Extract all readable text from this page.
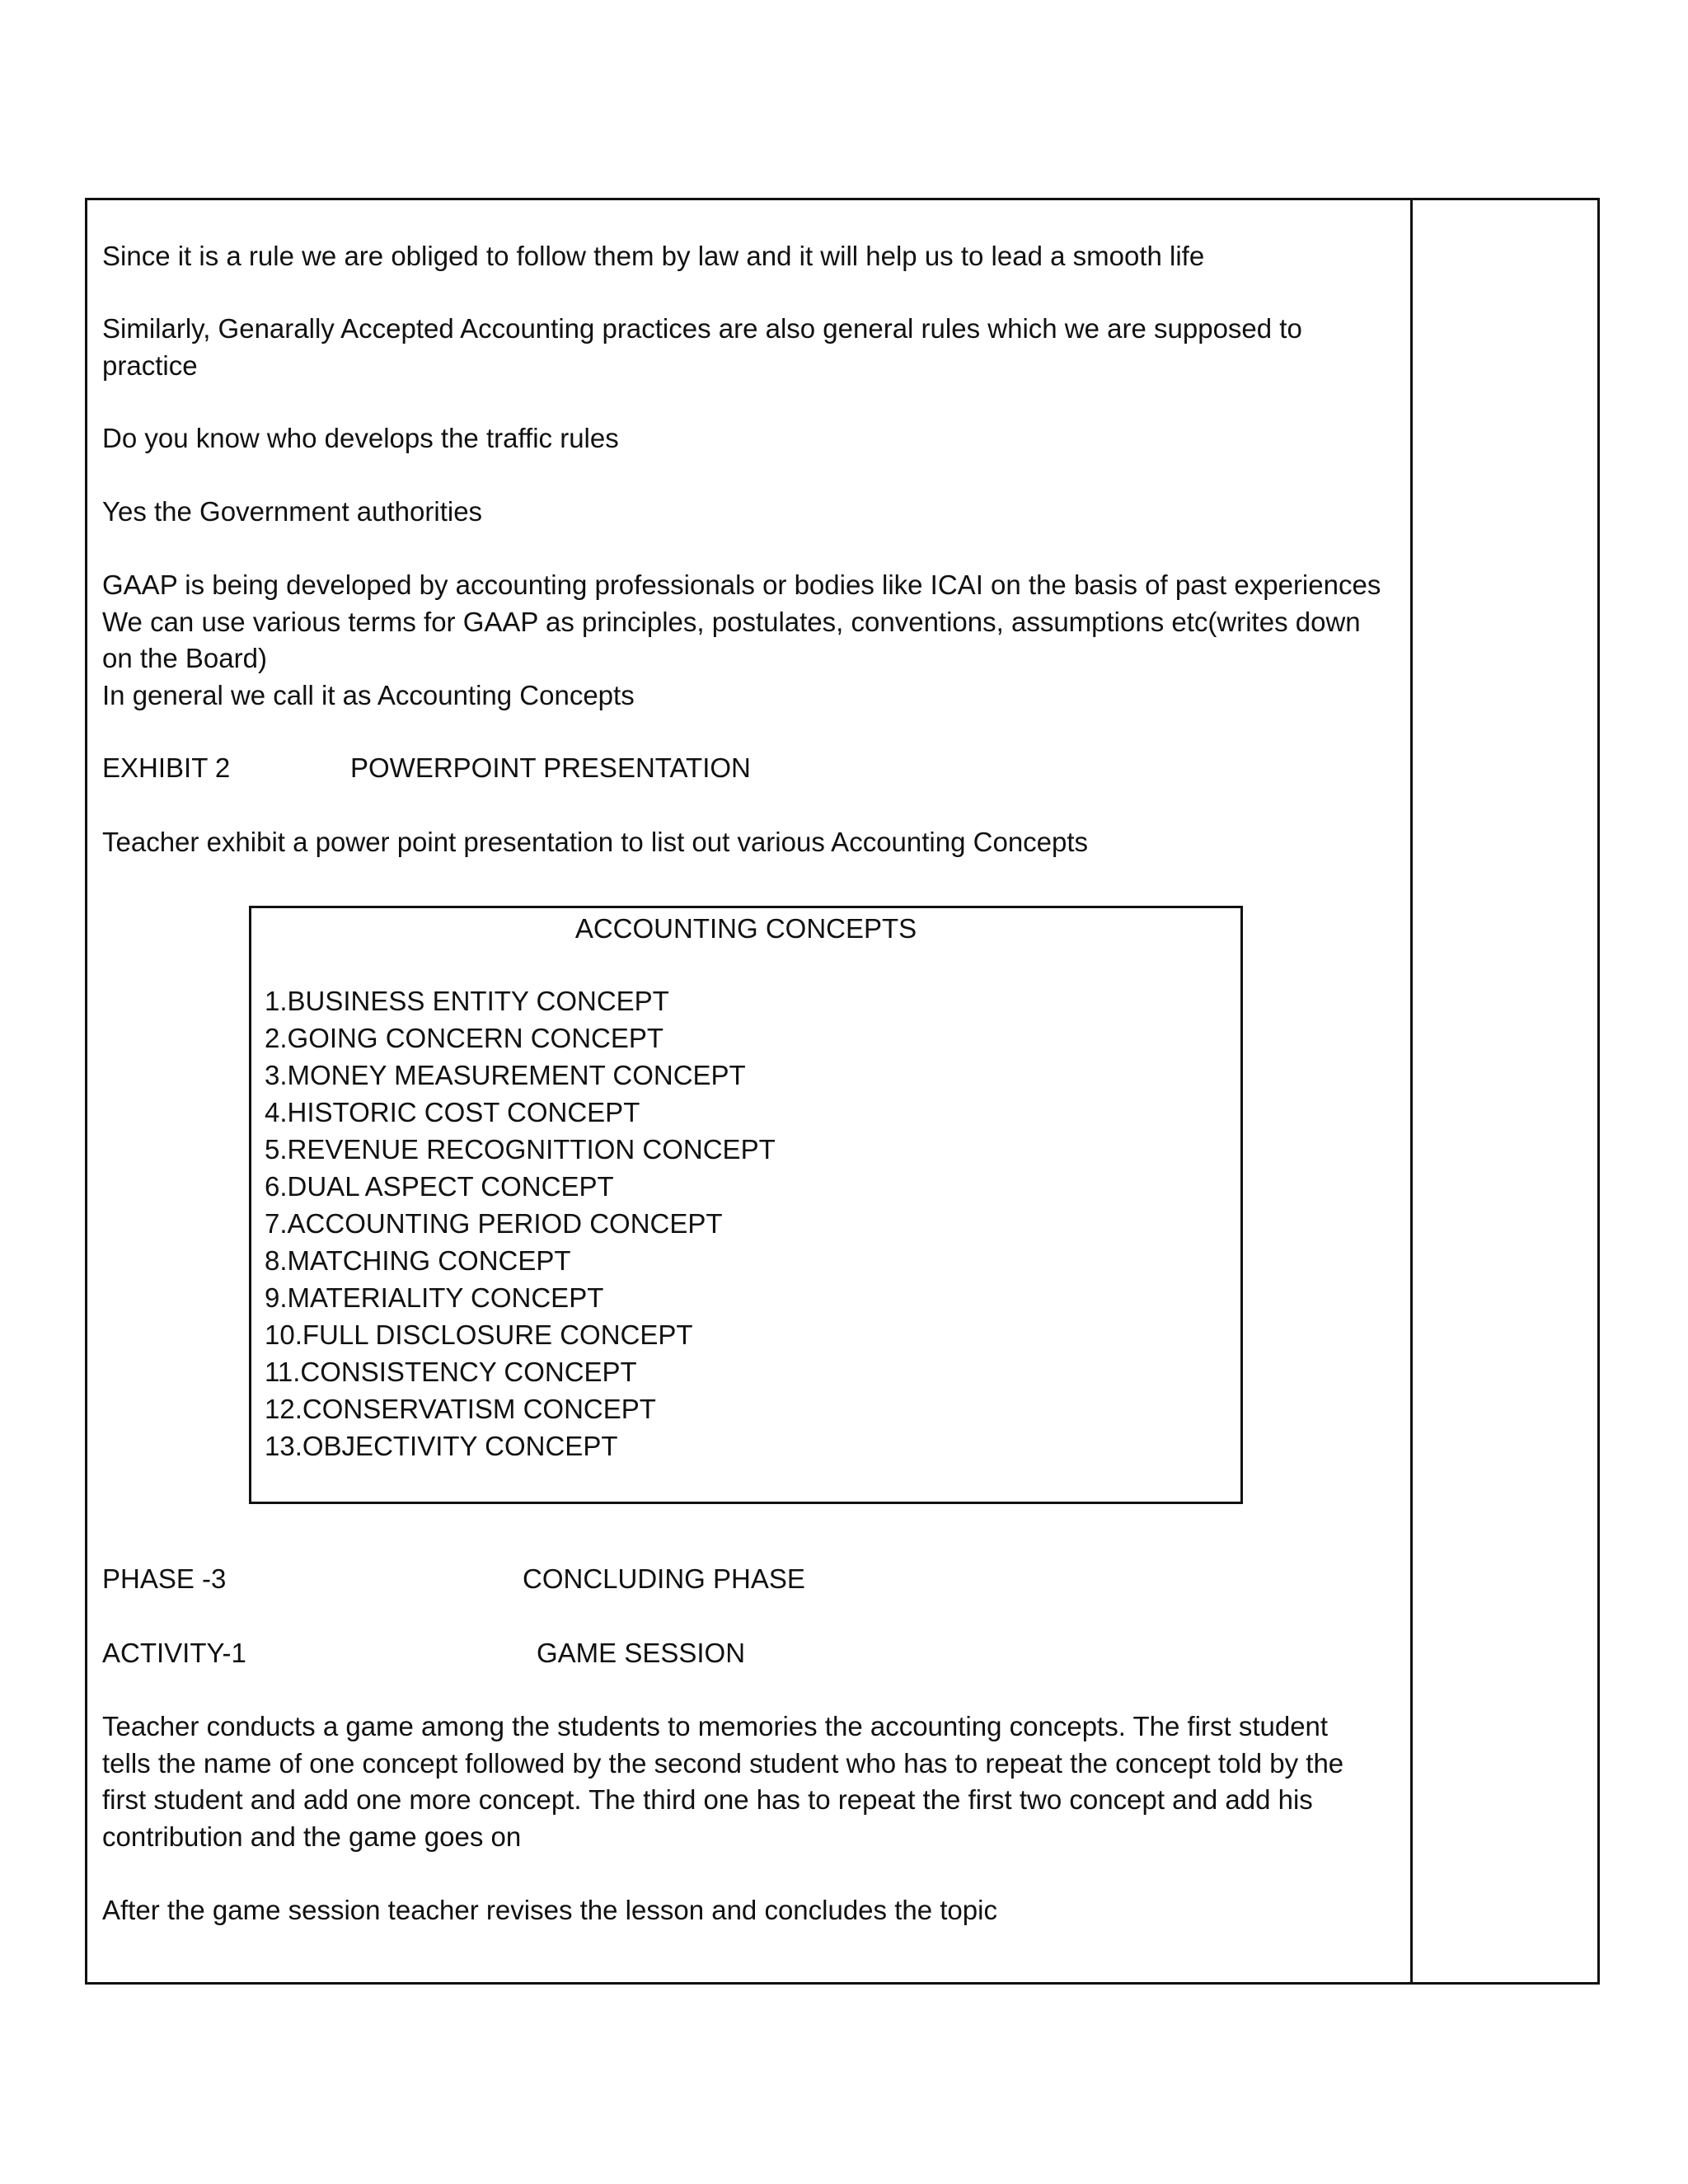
Since it is a rule we are obliged to follow them by law and it will help us to lead a smooth life
Similarly, Genarally Accepted Accounting practices are also general rules which we are supposed to
practice
Do you know who develops the traffic rules
Yes the Government authorities
GAAP is being developed by accounting professionals or bodies like ICAI on the basis of past experiences
We can use various terms for GAAP as principles, postulates, conventions, assumptions etc(writes down
on the Board)
In general we call it as Accounting Concepts
EXHIBIT 2	POWERPOINT PRESENTATION
Teacher exhibit a power point presentation to list out various Accounting Concepts
PHASE -3	CONCLUDING PHASE
ACTIVITY-1	GAME SESSION
Teacher conducts a game among the students to memories the accounting concepts. The first student
tells the name of one concept followed by the second student who has to repeat the concept told by the
first student and add one more concept. The third one has to repeat the first two concept and add his
contribution and the game goes on
After the game session teacher revises the lesson and concludes the topic
ACCOUNTING CONCEPTS
1.BUSINESS ENTITY CONCEPT
2.GOING CONCERN CONCEPT
3.MONEY MEASUREMENT CONCEPT
4.HISTORIC COST CONCEPT
5.REVENUE RECOGNITTION CONCEPT
6.DUAL ASPECT CONCEPT
7.ACCOUNTING PERIOD CONCEPT
8.MATCHING CONCEPT
9.MATERIALITY CONCEPT
10.FULL DISCLOSURE CONCEPT
11.CONSISTENCY CONCEPT
12.CONSERVATISM CONCEPT
13.OBJECTIVITY CONCEPT
